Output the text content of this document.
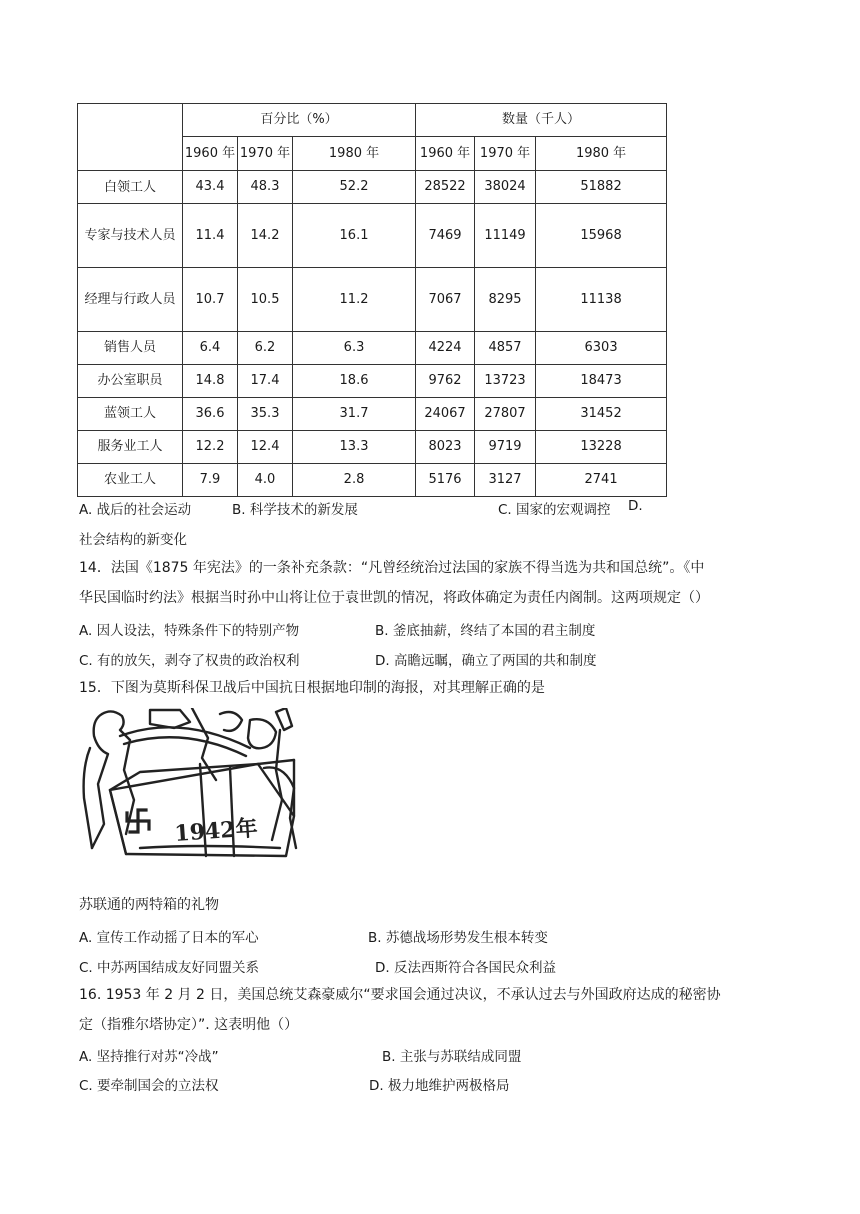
	百分比（%）			数量（千人）		
	1960 年	1970 年	1980 年	1960 年	1970 年	1980 年
白领工人	43.4	48.3	52.2	28522	38024	51882
专家与技术人员	11.4	14.2	16.1	7469	11149	15968
经理与行政人员	10.7	10.5	11.2	7067	8295	11138
销售人员	6.4	6.2	6.3	4224	4857	6303
办公室职员	14.8	17.4	18.6	9762	13723	18473
蓝领工人	36.6	35.3	31.7	24067	27807	31452
服务业工人	12.2	12.4	13.3	8023	9719	13228
农业工人	7.9	4.0	2.8	5176	3127	2741
A. 战后的社会运动	B. 科学技术的新发展	C. 国家的宏观调控 D.
社会结构的新变化
14．法国《1875 年宪法》的一条补充条款：“凡曾经统治过法国的家族不得当选为共和国总统”。《中
华民国临时约法》根据当时孙中山将让位于袁世凯的情况，将政体确定为责任内阁制。这两项规定（）
A. 因人设法，特殊条件下的特别产物	B. 釜底抽薪，终结了本国的君主制度
C. 有的放矢，剥夺了权贵的政治权利	D. 高瞻远瞩，确立了两国的共和制度
15．下图为莫斯科保卫战后中国抗日根据地印制的海报，对其理解正确的是
1942年
苏联通的两特箱的礼物
A. 宣传工作动摇了日本的军心	B. 苏德战场形势发生根本转变
C. 中苏两国结成友好同盟关系	D. 反法西斯符合各国民众利益
16. 1953 年 2 月 2 日，美国总统艾森豪威尔“要求国会通过决议，不承认过去与外国政府达成的秘密协
定（指雅尔塔协定）”. 这表明他（）
A. 坚持推行对苏“冷战”	B. 主张与苏联结成同盟
C. 要牵制国会的立法权	D. 极力地维护两极格局
